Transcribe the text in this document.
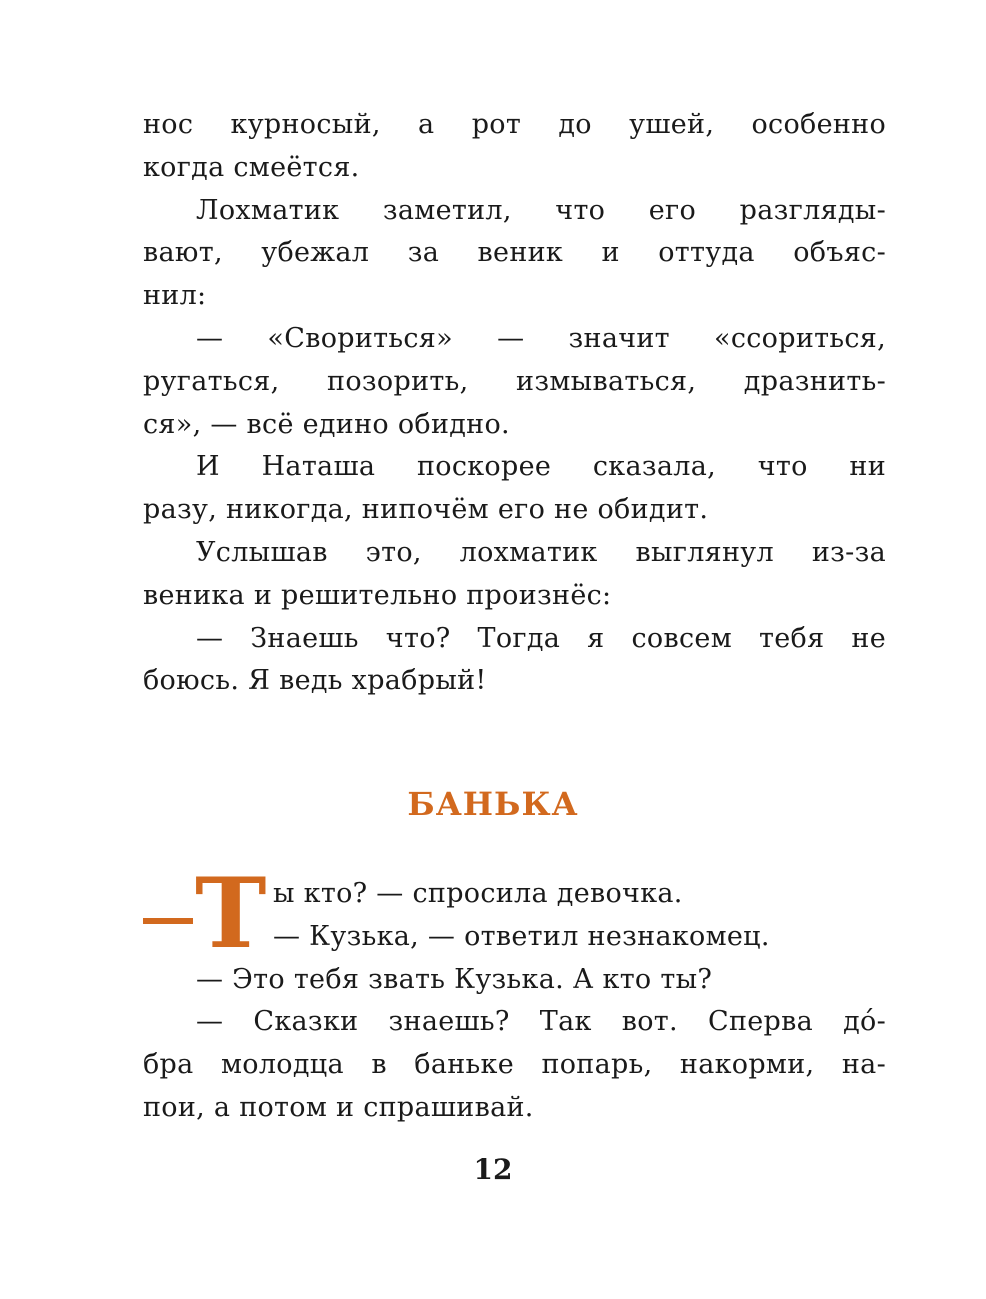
нос курносый, а рот до ушей, особенно
когда смеётся.
Лохматик заметил, что его разгляды-
вают, убежал за веник и оттуда объяс-
нил:
— «Свориться» — значит «ссориться,
ругаться, позорить, измываться, дразнить-
ся», — всё едино обидно.
И Наташа поскорее сказала, что ни
разу, никогда, нипочём его не обидит.
Услышав это, лохматик выглянул из-за
веника и решительно произнёс:
— Знаешь что? Тогда я совсем тебя не
боюсь. Я ведь храбрый!
БАНЬКА
Т ы кто? — спросила девочка.
— Кузька, — ответил незнакомец.
— Это тебя звать Кузька. А кто ты?
— Сказки знаешь? Так вот. Сперва до́-
бра молодца в баньке попарь, накорми, на-
пои, а потом и спрашивай.
12
